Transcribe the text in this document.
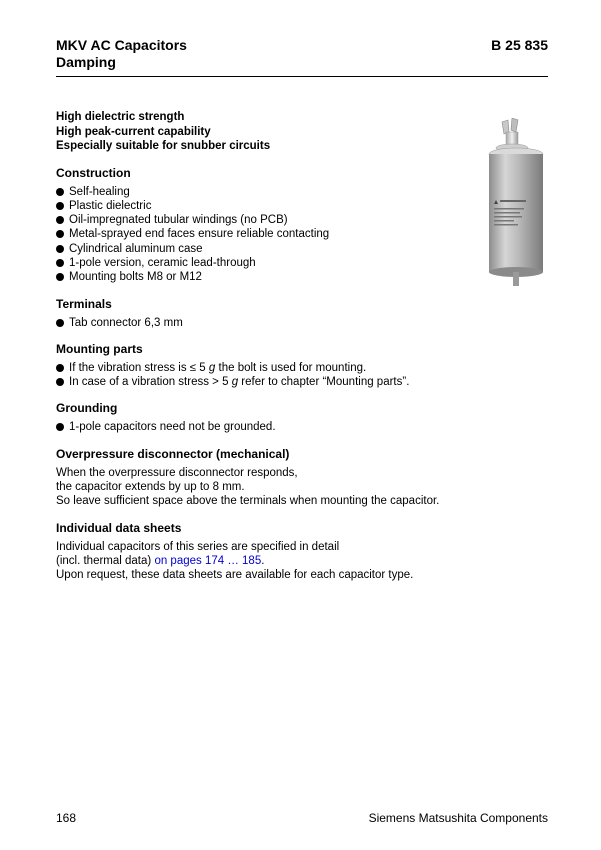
MKV AC Capacitors
Damping
B 25 835
High dielectric strength
High peak-current capability
Especially suitable for snubber circuits
Construction
Self-healing
Plastic dielectric
Oil-impregnated tubular windings (no PCB)
Metal-sprayed end faces ensure reliable contacting
Cylindrical aluminum case
1-pole version, ceramic lead-through
Mounting bolts M8 or M12
Terminals
Tab connector 6,3 mm
Mounting parts
If the vibration stress is ≤ 5 g the bolt is used for mounting.
In case of a vibration stress > 5 g refer to chapter “Mounting parts”.
Grounding
1-pole capacitors need not be grounded.
Overpressure disconnector (mechanical)

When the overpressure disconnector responds,
the capacitor extends by up to 8 mm.
So leave sufficient space above the terminals when mounting the capacitor.

Individual data sheets

Individual capacitors of this series are specified in detail
(incl. thermal data) on pages 174 … 185.
Upon request, these data sheets are available for each capacitor type.

168	Siemens Matsushita Components
